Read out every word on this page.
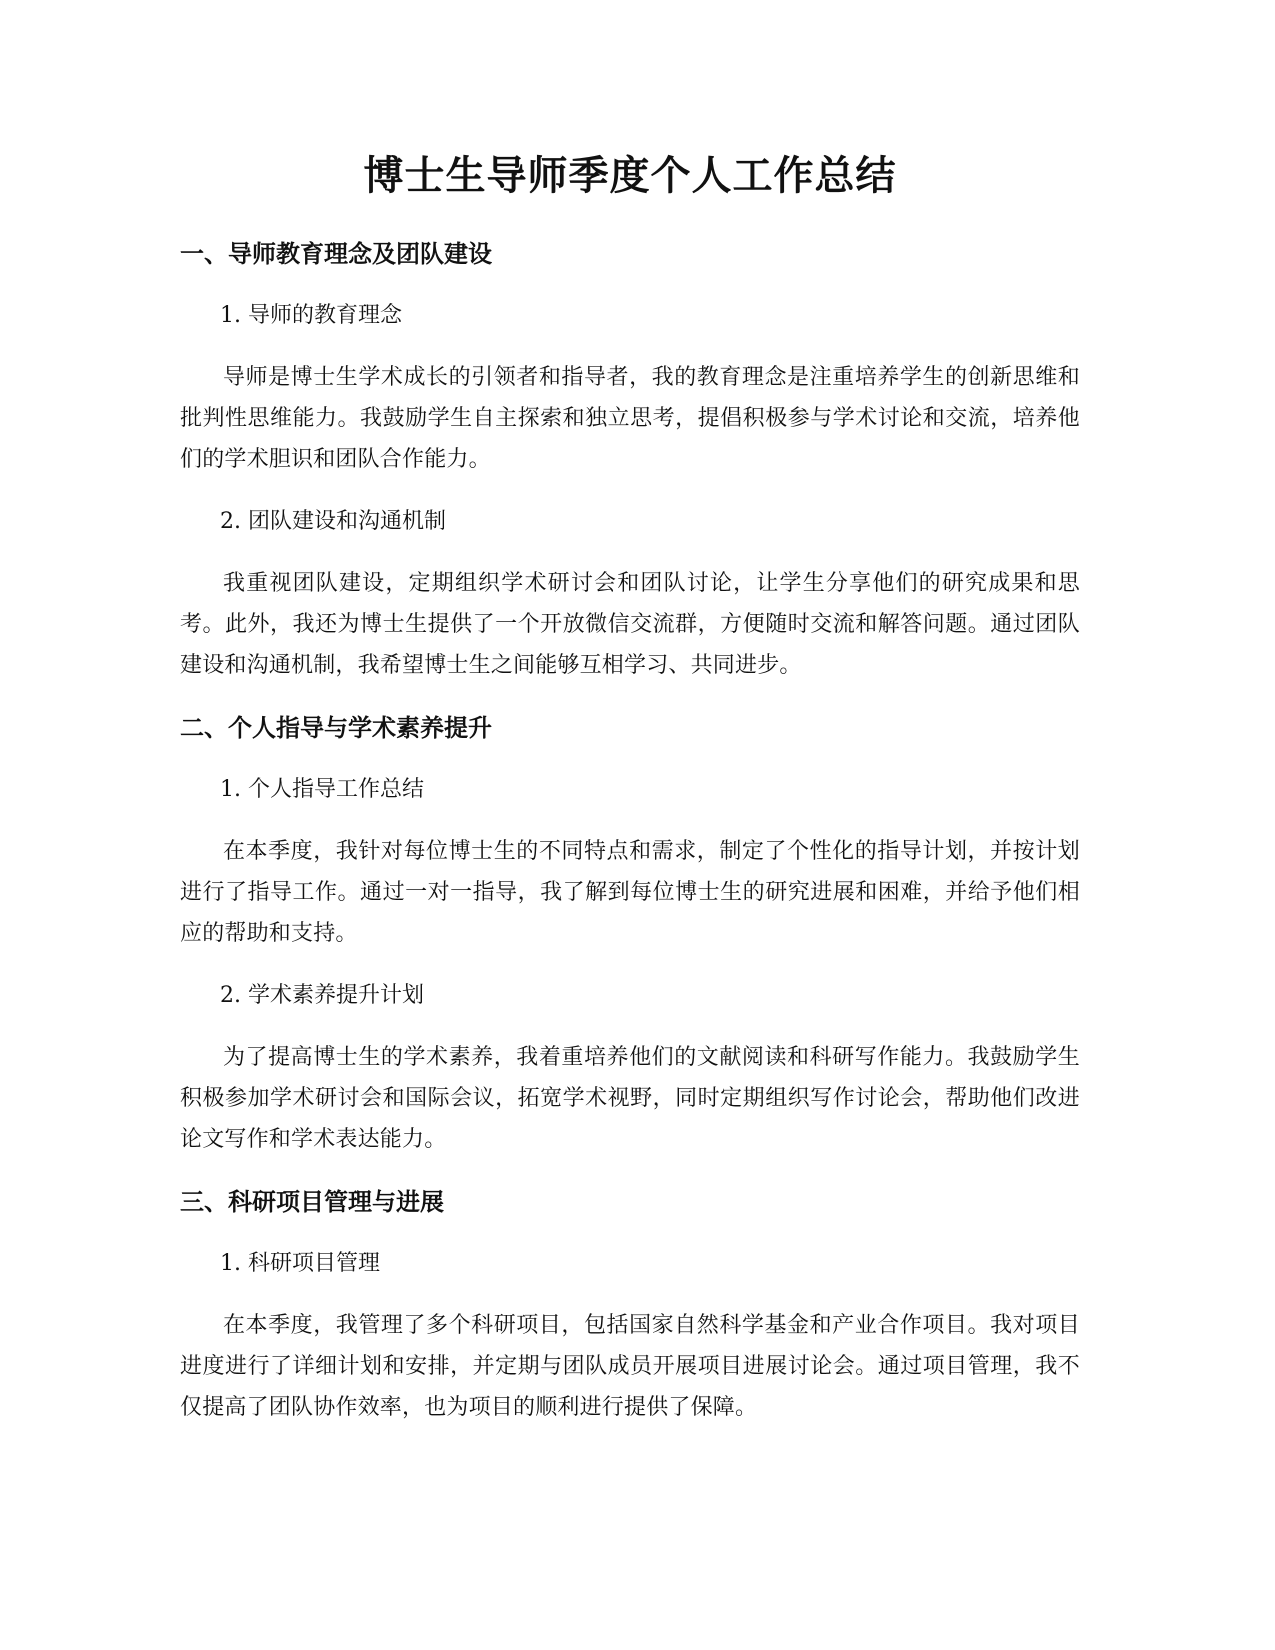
博士生导师季度个人工作总结
一、导师教育理念及团队建设
1. 导师的教育理念

导师是博士生学术成长的引领者和指导者，我的教育理念是注重培养学生的创新思维和批判性思维能力。我鼓励学生自主探索和独立思考，提倡积极参与学术讨论和交流，培养他们的学术胆识和团队合作能力。

2. 团队建设和沟通机制

我重视团队建设，定期组织学术研讨会和团队讨论，让学生分享他们的研究成果和思考。此外，我还为博士生提供了一个开放微信交流群，方便随时交流和解答问题。通过团队建设和沟通机制，我希望博士生之间能够互相学习、共同进步。

二、个人指导与学术素养提升
1. 个人指导工作总结

在本季度，我针对每位博士生的不同特点和需求，制定了个性化的指导计划，并按计划进行了指导工作。通过一对一指导，我了解到每位博士生的研究进展和困难，并给予他们相应的帮助和支持。

2. 学术素养提升计划

为了提高博士生的学术素养，我着重培养他们的文献阅读和科研写作能力。我鼓励学生积极参加学术研讨会和国际会议，拓宽学术视野，同时定期组织写作讨论会，帮助他们改进论文写作和学术表达能力。

三、科研项目管理与进展
1. 科研项目管理

在本季度，我管理了多个科研项目，包括国家自然科学基金和产业合作项目。我对项目进度进行了详细计划和安排，并定期与团队成员开展项目进展讨论会。通过项目管理，我不仅提高了团队协作效率，也为项目的顺利进行提供了保障。
